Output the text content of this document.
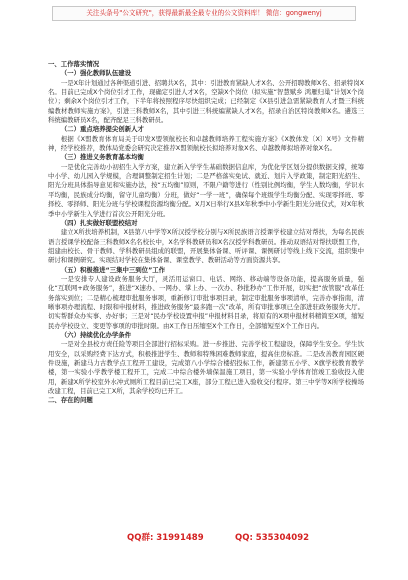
关注头条号"公文研究"，获得最新最全最专业的公文资料库！ 微信：gongwenyj

一、工作落实情况

（一）强化教师队伍建设

一是X年计划通过各种渠道引进、招聘共X名，其中：引进教育紧缺人才X名、公开招聘教师X名、招录特岗X名。目前已完成X个岗位引才工作，现确定引进人才X名，空缺X个岗位（拟实施“智慧赋乡 鸿雁归巢”计划X个岗位）；剩余X个岗位引才工作，下半年将按照程序尽快组织完成；已经制定《X县引进急需紧缺教育人才暨三科统编教材教师实施方案》，引进三科教师X名，其中引进三科统编紧缺人才X名，招录自治区特岗教师X名。遴选三科统编教研员X名，配齐配足三科教研员。

（二）重点培养提尖创新人才

根据《X盟教育体育局关于印发X盟领航校长和卓越教师培养工程实施方案》《X教体发〔X〕X号》文件精神，经学校推荐，教体局党委会研究决定推荐X盟领航校长拟培养对象X名、卓越教师拟培养对象X名。

（三）推进义务教育基本均衡

一是优化完善幼小初招生入学方案，建立新入学学生基础数据信息库，为优化学区划分提供数据支撑，统筹中小学、幼儿园入学规模，合理调整制定招生计划；二是严格落实免试、就近、划片入学政策，制定阳光招生、阳光分班具体指导意见和实施办法，按“五均衡”原则，不限户籍等进行（性别比例均衡，学生人数均衡，学识水平均衡，民族成分均衡，留守儿童均衡）分班，做好“一学一班”，确保每个班级学生均衡分配、实现零择班、零择校、零择师、阳光分班与学校课程资源均衡分配。X月X日举行X县X年秋季中小学新生阳光分班仪式，对X年秋季中小学新生入学进行首次公开阳光分班。

（四）扎实做好联盟校结对

建立X所扶培养机制，X县第八中学等X所汉授学校分别与X所民族语言授课学校建立结对帮扶，为每名民族语言授课学校配备三科教师X名名校长中，X名学科教研员和X名汉授学科教研员。推动双语结对帮扶联盟工作，组建由校长、骨干教师、学科教研员组成的联盟，开展集体备课、听评课、课例研讨等线上线下交流，组织集中研讨和课例研究。实现结对学校在集体备课、课堂教学、教研活动等方面资源共享。

（五）积极推进“三集中三到位”工作

一是安排专人建设政务服务大厅，灵活用运窗口、电话、网络、移动端等设备功能，提高服务质量，强化“互联网+政务服务”，推进“X速办、一网办、掌上办、一次办、秒批秒办”工作开展，切实把“放管服”改革任务落实到位；二是精心梳理审批服务事项，重新修订审批事项目录，制定审批服务事项清单，完善办事指南，清晰事项办理流程、时限和申报材料，推进政务服务“最多跑一次”改革，所有审批事项已全部进驻政务服务大厅。切实帮群众办实事、办好事；三是对“民办学校设置申报”申报材料目录，将原有的X项申报材料精简至X项，缩短民办学校设立、变更等事项的审批时限。由X工作日压缩至X个工作日，全部缩短至X个工作日内。

（六）持续优化办学条件

一是对全县校方责任险等项目全部进行招标采购。进一步推进、完善学校工程建设，保障学生安全。学生饮用安全，以采购经费下达方式，积极推进学生、教师和特殊困难教师家庭，提高住房标准。二是改善教育园区硬件设施，新建马力古教学点工程开工建设，完成第八小学综合楼招投标工作，新建第五小学、X旗学校教育教学楼，第一实验小学教学楼工程开工，完成二中综合楼外墙保温施工项目，第一实验小学体育馆竣工验收投入使用，新建X所学校室外水冲式厕所工程目前已完工X座，部分工程已进入验收交付程序。第三中学等X所学校操场改建工程，目前已完工X所，其余学校均已开工。

二、存在的问题

QQ群: 31991489	QQ: 535304092
